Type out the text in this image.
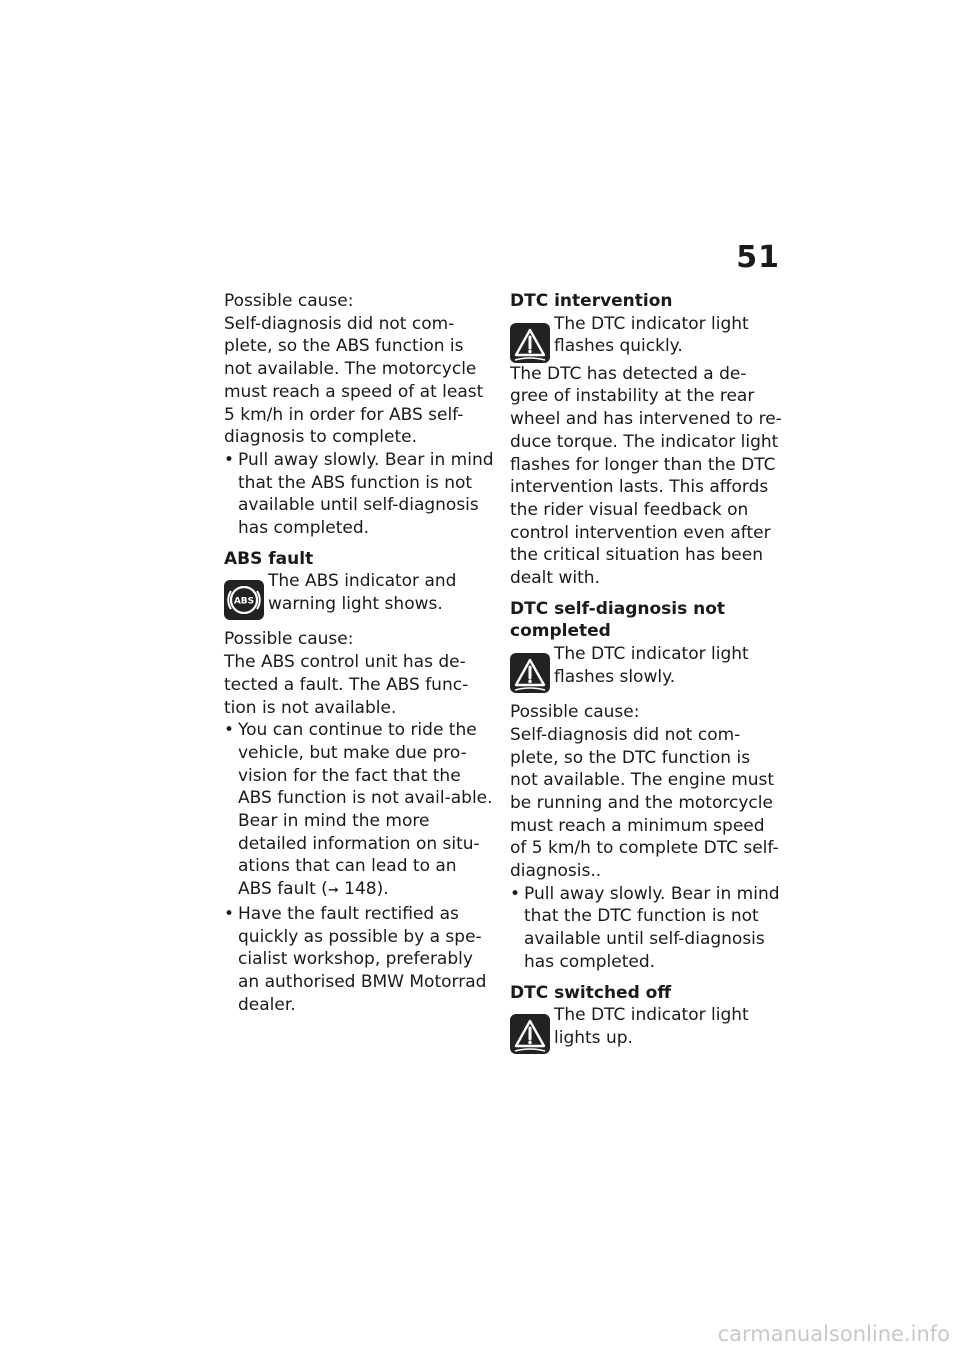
51

Possible cause:

Self-diagnosis did not com-plete, so the ABS function is not available. The motorcycle must reach a speed of at least 5 km/h in order for ABS self-diagnosis to complete.

• Pull away slowly. Bear in mind that the ABS function is not available until self-diagnosis has completed.
ABS fault
ABS
The ABS indicator and warning light shows.

Possible cause:

The ABS control unit has de-tected a fault. The ABS func-tion is not available.

• You can continue to ride the vehicle, but make due pro-vision for the fact that the ABS function is not avail-able. Bear in mind the more detailed information on situ-ations that can lead to an ABS fault (➞ 148).
• Have the fault rectified as quickly as possible by a spe-cialist workshop, preferably an authorised BMW Motorrad dealer.
DTC intervention
The DTC indicator light flashes quickly.

The DTC has detected a de-gree of instability at the rear wheel and has intervened to re-duce torque. The indicator light flashes for longer than the DTC intervention lasts. This affords the rider visual feedback on control intervention even after the critical situation has been dealt with.

DTC self-diagnosis not completed
The DTC indicator light flashes slowly.

Possible cause:

Self-diagnosis did not com-plete, so the DTC function is not available. The engine must be running and the motorcycle must reach a minimum speed of 5 km/h to complete DTC self-diagnosis..

• Pull away slowly. Bear in mind that the DTC function is not available until self-diagnosis has completed.
DTC switched off
The DTC indicator light lights up.
carmanualsonline.info
